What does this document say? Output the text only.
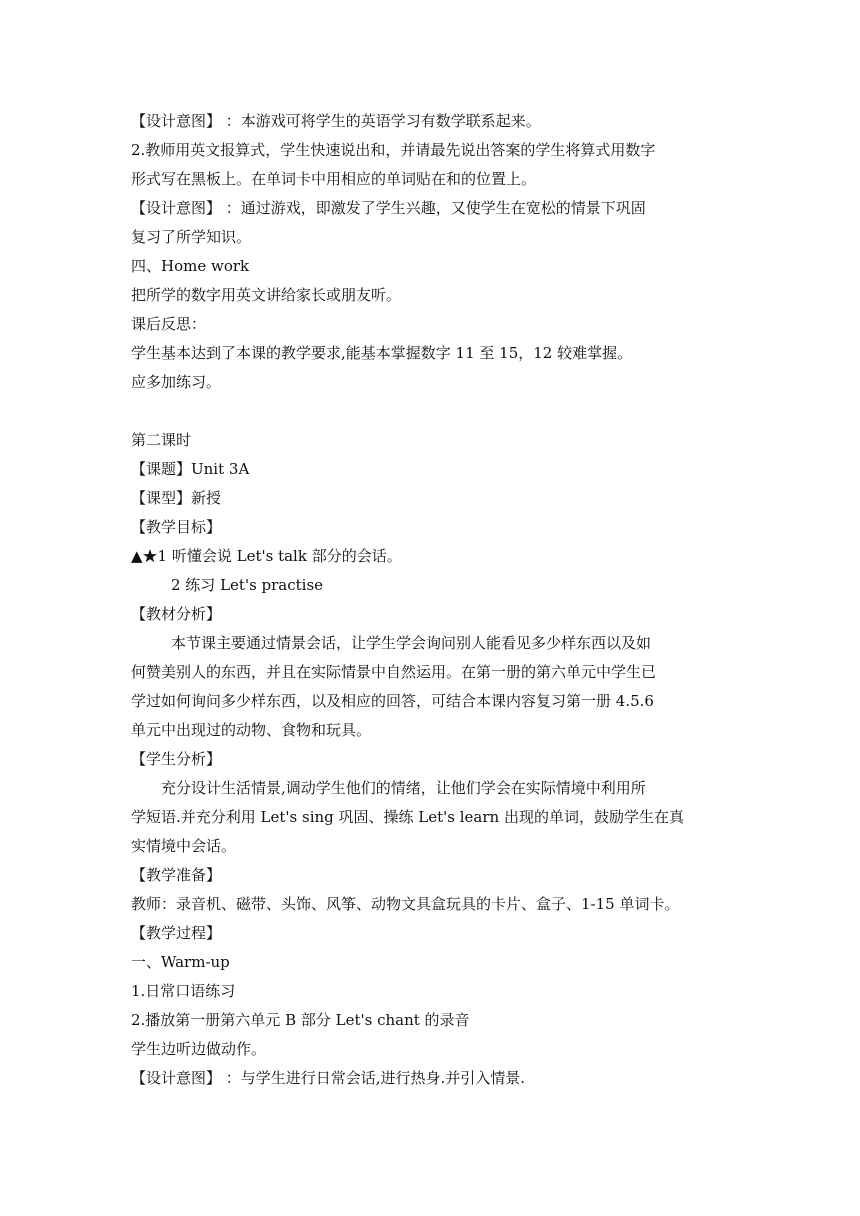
【设计意图】 ：本游戏可将学生的英语学习有数学联系起来。
2.教师用英文报算式，学生快速说出和，并请最先说出答案的学生将算式用数字
形式写在黑板上。在单词卡中用相应的单词贴在和的位置上。
【设计意图】 ：通过游戏，即激发了学生兴趣，又使学生在宽松的情景下巩固
复习了所学知识。
四、Home work
把所学的数字用英文讲给家长或朋友听。
课后反思：
学生基本达到了本课的教学要求,能基本掌握数字 11 至 15，12 较难掌握。
应多加练习。
第二课时
【课题】Unit 3A
【课型】新授
【教学目标】
▲★1 听懂会说 Let's talk 部分的会话。
2 练习 Let's practise
【教材分析】
本节课主要通过情景会话，让学生学会询问别人能看见多少样东西以及如
何赞美别人的东西，并且在实际情景中自然运用。在第一册的第六单元中学生已
学过如何询问多少样东西，以及相应的回答，可结合本课内容复习第一册 4.5.6
单元中出现过的动物、食物和玩具。
【学生分析】
充分设计生活情景,调动学生他们的情绪，让他们学会在实际情境中利用所
学短语.并充分利用 Let's sing 巩固、操练 Let's learn 出现的单词，鼓励学生在真
实情境中会话。
【教学准备】
教师：录音机、磁带、头饰、风筝、动物文具盒玩具的卡片、盒子、1-15 单词卡。
【教学过程】
一、Warm-up
1.日常口语练习
2.播放第一册第六单元 B 部分 Let's chant 的录音
学生边听边做动作。
【设计意图】 ：与学生进行日常会话,进行热身.并引入情景.
